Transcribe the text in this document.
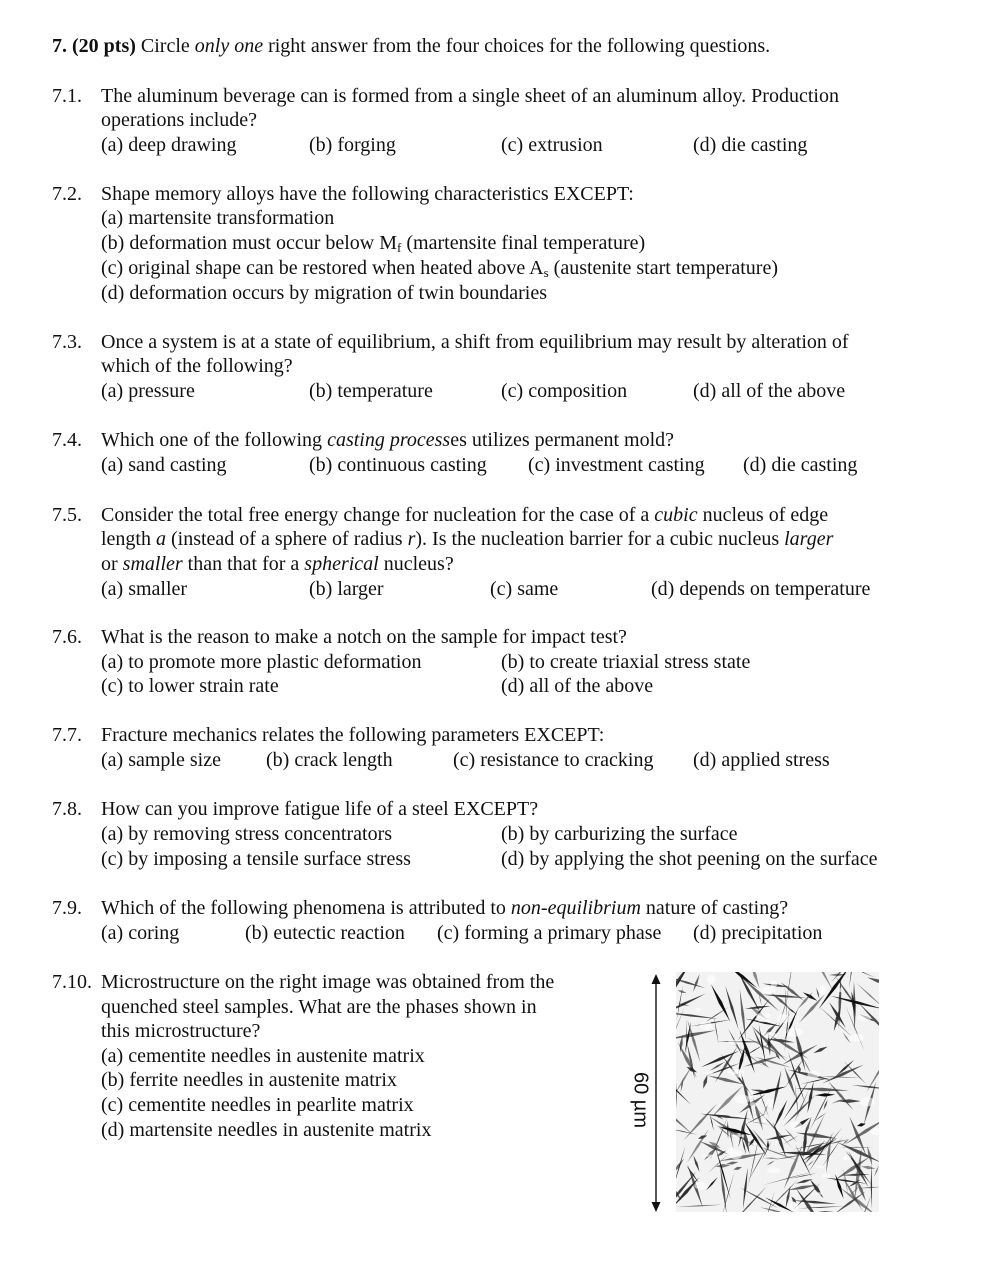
7. (20 pts) Circle only one right answer from the four choices for the following questions.
7.1. The aluminum beverage can is formed from a single sheet of an aluminum alloy. Production
operations include?
(a) deep drawing	(b) forging	(c) extrusion	(d) die casting
7.2. Shape memory alloys have the following characteristics EXCEPT:
(a) martensite transformation
(b) deformation must occur below $M_f$ (martensite final temperature)
(c) original shape can be restored when heated above $A_s$ (austenite start temperature)
(d) deformation occurs by migration of twin boundaries
7.3. Once a system is at a state of equilibrium, a shift from equilibrium may result by alteration of
which of the following?
(a) pressure	(b) temperature	(c) composition	(d) all of the above
7.4. Which one of the following casting processes utilizes permanent mold?
(a) sand casting	(b) continuous casting (c) investment casting (d) die casting
7.5. Consider the total free energy change for nucleation for the case of a cubic nucleus of edge
length a (instead of a sphere of radius r). Is the nucleation barrier for a cubic nucleus larger
or smaller than that for a spherical nucleus?
(a) smaller	(b) larger	(c) same	(d) depends on temperature
7.6. What is the reason to make a notch on the sample for impact test?
(a) to promote more plastic deformation	(b) to create triaxial stress state
(c) to lower strain rate	(d) all of the above
7.7. Fracture mechanics relates the following parameters EXCEPT:
(a) sample size (b) crack length	(c) resistance to cracking (d) applied stress
7.8. How can you improve fatigue life of a steel EXCEPT?
(a) by removing stress concentrators	(b) by carburizing the surface
(c) by imposing a tensile surface stress	(d) by applying the shot peening on the surface
7.9. Which of the following phenomena is attributed to non-equilibrium nature of casting?
(a) coring	(b) eutectic reaction (c) forming a primary phase (d) precipitation
7.10. Microstructure on the right image was obtained from the
quenched steel samples. What are the phases shown in
this microstructure?
(a) cementite needles in austenite matrix
(b) ferrite needles in austenite matrix
(c) cementite needles in pearlite matrix
(d) martensite needles in austenite matrix
60 µm
